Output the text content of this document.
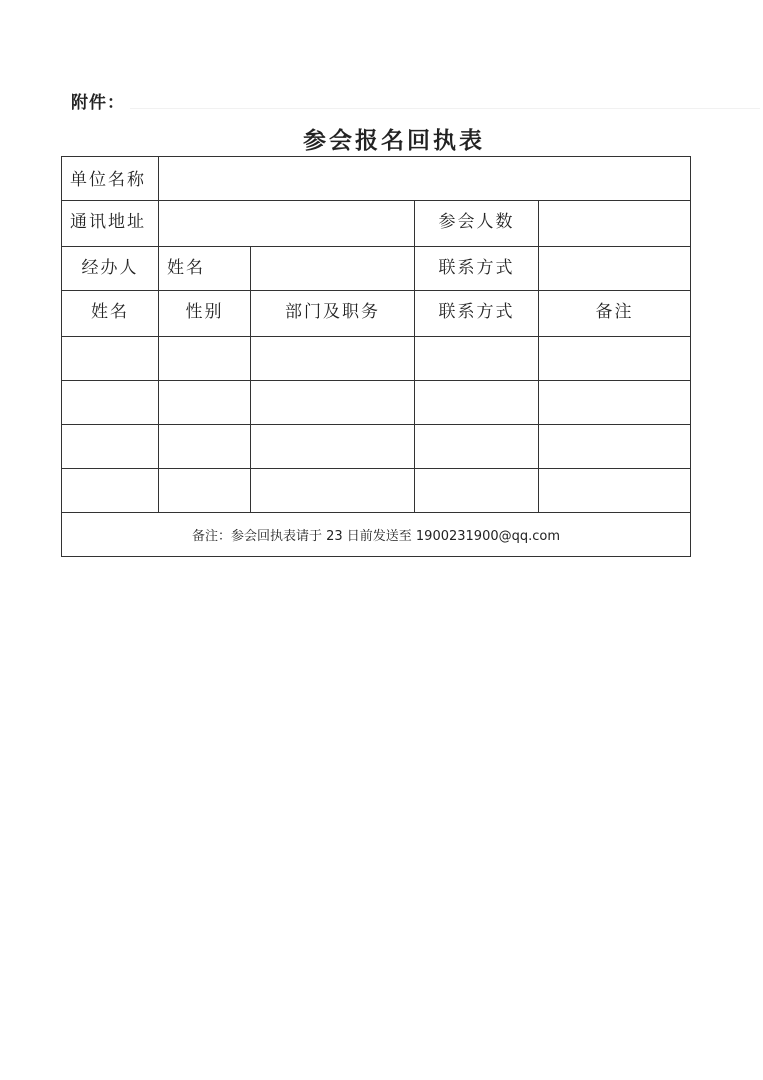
附件：
参会报名回执表
单位名称				
通讯地址			参会人数	
经办人	姓名		联系方式	
姓名	性别	部门及职务	联系方式	备注

备注：参会回执表请于 23 日前发送至 1900231900@qq.com				
